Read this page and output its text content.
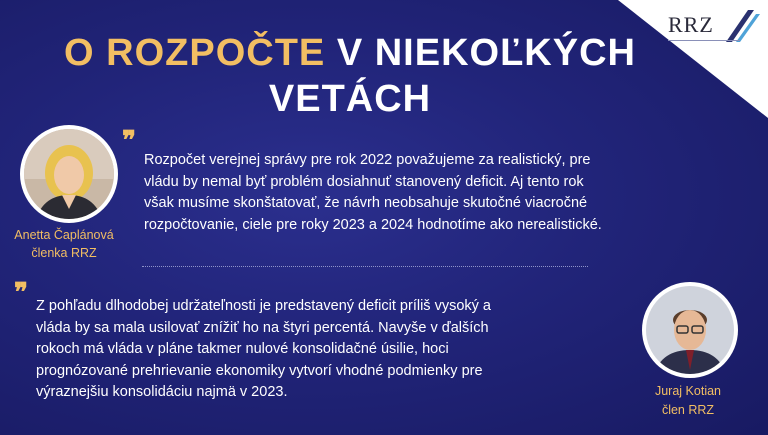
RRZ
O ROZPOČTE V NIEKOĽKÝCH
VETÁCH
Anetta Čaplánová
členka RRZ
❞
Rozpočet verejnej správy pre rok 2022 považujeme za realistický, pre
vládu by nemal byť problém dosiahnuť stanovený deficit. Aj tento rok
však musíme skonštatovať, že návrh neobsahuje skutočné viacročné
rozpočtovanie, ciele pre roky 2023 a 2024 hodnotíme ako nerealistické.
❞ Z pohľadu dlhodobej udržateľnosti je predstavený deficit príliš vysoký a
vláda by sa mala usilovať znížiť ho na štyri percentá. Navyše v ďalších
rokoch má vláda v pláne takmer nulové konsolidačné úsilie, hoci
prognózované prehrievanie ekonomiky vytvorí vhodné podmienky pre
výraznejšiu konsolidáciu najmä v 2023.	Juraj Kotian
člen RRZ
